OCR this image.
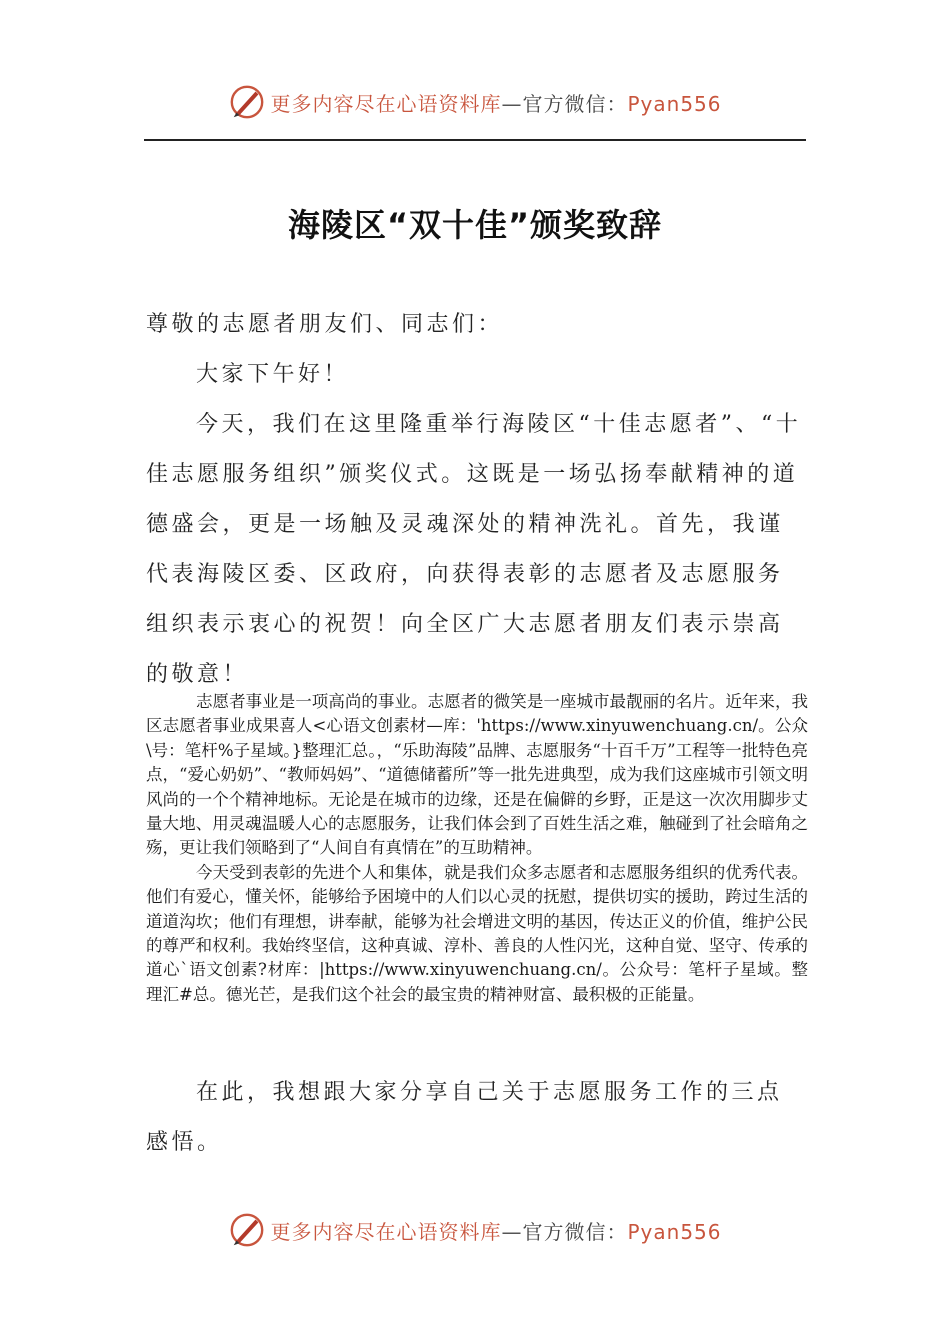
更多内容尽在心语资料库—官方微信：Pyan556
海陵区“双十佳”颁奖致辞

尊敬的志愿者朋友们、同志们：

大家下午好！

今天，我们在这里隆重举行海陵区“十佳志愿者”、“十佳志愿服务组织”颁奖仪式。这既是一场弘扬奉献精神的道德盛会，更是一场触及灵魂深处的精神洗礼。首先，我谨代表海陵区委、区政府，向获得表彰的志愿者及志愿服务组织表示衷心的祝贺！向全区广大志愿者朋友们表示崇高的敬意！

志愿者事业是一项高尚的事业。志愿者的微笑是一座城市最靓丽的名片。近年来，我区志愿者事业成果喜人<心语文创素材—库：'https://www.xinyuwenchuang.cn/。公众\号：笔杆%子星域。}整理汇总。，“乐助海陵”品牌、志愿服务“十百千万”工程等一批特色亮点，“爱心奶奶”、“教师妈妈”、“道德储蓄所”等一批先进典型，成为我们这座城市引领文明风尚的一个个精神地标。无论是在城市的边缘，还是在偏僻的乡野，正是这一次次用脚步丈量大地、用灵魂温暖人心的志愿服务，让我们体会到了百姓生活之难，触碰到了社会暗角之殇，更让我们领略到了“人间自有真情在”的互助精神。

今天受到表彰的先进个人和集体，就是我们众多志愿者和志愿服务组织的优秀代表。他们有爱心，懂关怀，能够给予困境中的人们以心灵的抚慰，提供切实的援助，跨过生活的道道沟坎；他们有理想，讲奉献，能够为社会增进文明的基因，传达正义的价值，维护公民的尊严和权利。我始终坚信，这种真诚、淳朴、善良的人性闪光，这种自觉、坚守、传承的道心`语文创素?材库：|https://www.xinyuwenchuang.cn/。公众号：笔杆子星域。整理汇#总。德光芒，是我们这个社会的最宝贵的精神财富、最积极的正能量。

在此，我想跟大家分享自己关于志愿服务工作的三点感悟。

更多内容尽在心语资料库—官方微信：Pyan556
